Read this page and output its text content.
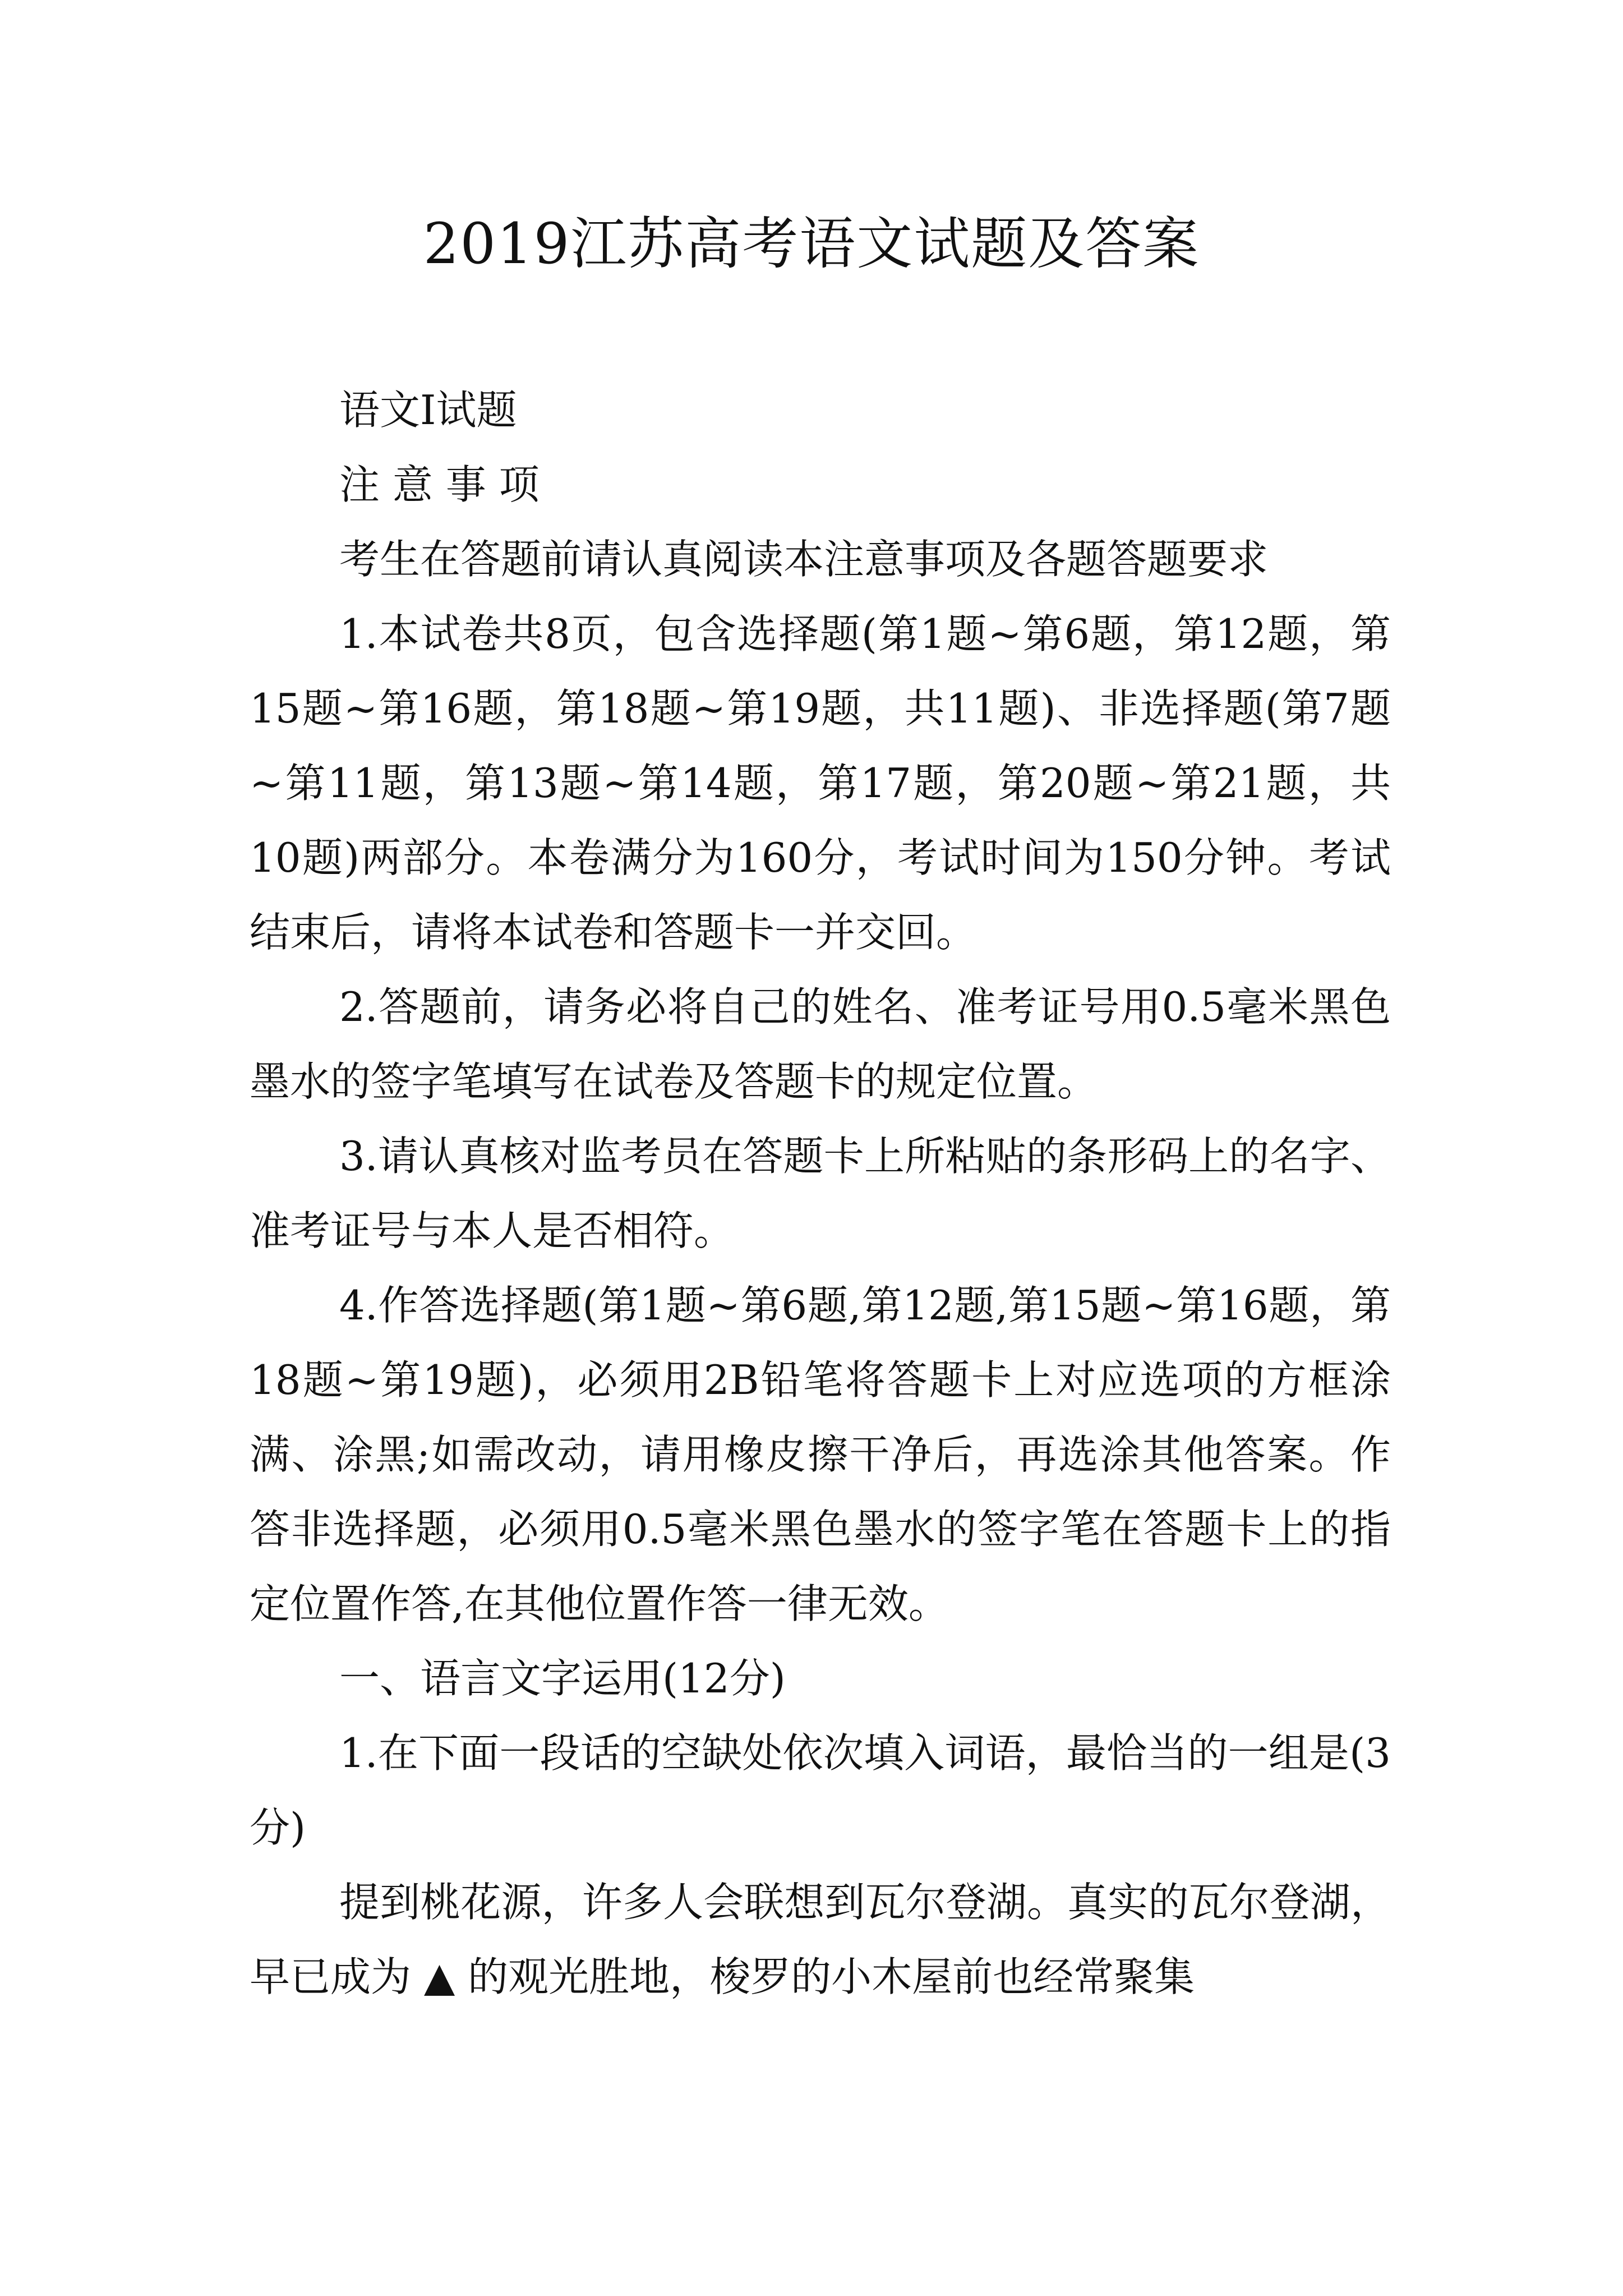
2019江苏高考语文试题及答案

语文Ⅰ试题

注 意 事 项

考生在答题前请认真阅读本注意事项及各题答题要求

1.本试卷共8页，包含选择题(第1题~第6题，第12题，第15题~第16题，第18题~第19题，共11题)、非选择题(第7题~第11题，第13题~第14题，第17题，第20题~第21题，共10题)两部分。本卷满分为160分，考试时间为150分钟。考试结束后，请将本试卷和答题卡一并交回。

2.答题前，请务必将自己的姓名、准考证号用0.5毫米黑色墨水的签字笔填写在试卷及答题卡的规定位置。

3.请认真核对监考员在答题卡上所粘贴的条形码上的名字、准考证号与本人是否相符。

4.作答选择题(第1题~第6题,第12题,第15题~第16题，第18题~第19题)，必须用2B铅笔将答题卡上对应选项的方框涂满、涂黑;如需改动，请用橡皮擦干净后，再选涂其他答案。作答非选择题，必须用0.5毫米黑色墨水的签字笔在答题卡上的指定位置作答,在其他位置作答一律无效。

一、语言文字运用(12分)

1.在下面一段话的空缺处依次填入词语，最恰当的一组是(3分)

提到桃花源，许多人会联想到瓦尔登湖。真实的瓦尔登湖，早已成为 ▲ 的观光胜地，梭罗的小木屋前也经常聚集
